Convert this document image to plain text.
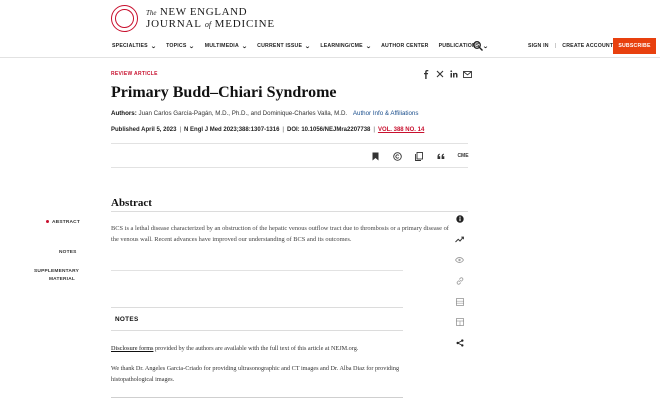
The NEW ENGLAND
JOURNAL of MEDICINE
SPECIALTIES ⌄ TOPICS ⌄ MULTIMEDIA ⌄ CURRENT ISSUE ⌄ LEARNING/CME ⌄ AUTHOR CENTER PUBLICATIONS ⌄	SIGN IN | CREATE ACCOUNT SUBSCRIBE
REVIEW ARTICLE
Primary Budd–Chiari Syndrome
Authors: Juan Carlos García-Pagán, M.D., Ph.D., and Dominique-Charles Valla, M.D. Author Info & Affiliations
Published April 5, 2023 | N Engl J Med 2023;388:1307-1316 | DOI: 10.1056/NEJMra2207738 | VOL. 388 NO. 14
CME
ABSTRACT
NOTES
SUPPLEMENTARY
MATERIAL
Abstract

BCS is a lethal disease characterized by an obstruction of the hepatic venous outflow tract due to thrombosis or a primary disease of the venous wall. Recent advances have improved our understanding of BCS and its outcomes.

NOTES

Disclosure forms provided by the authors are available with the full text of this article at NEJM.org.

We thank Dr. Angeles Garcia-Criado for providing ultrasonographic and CT images and Dr. Alba Diaz for providing histopathological images.
